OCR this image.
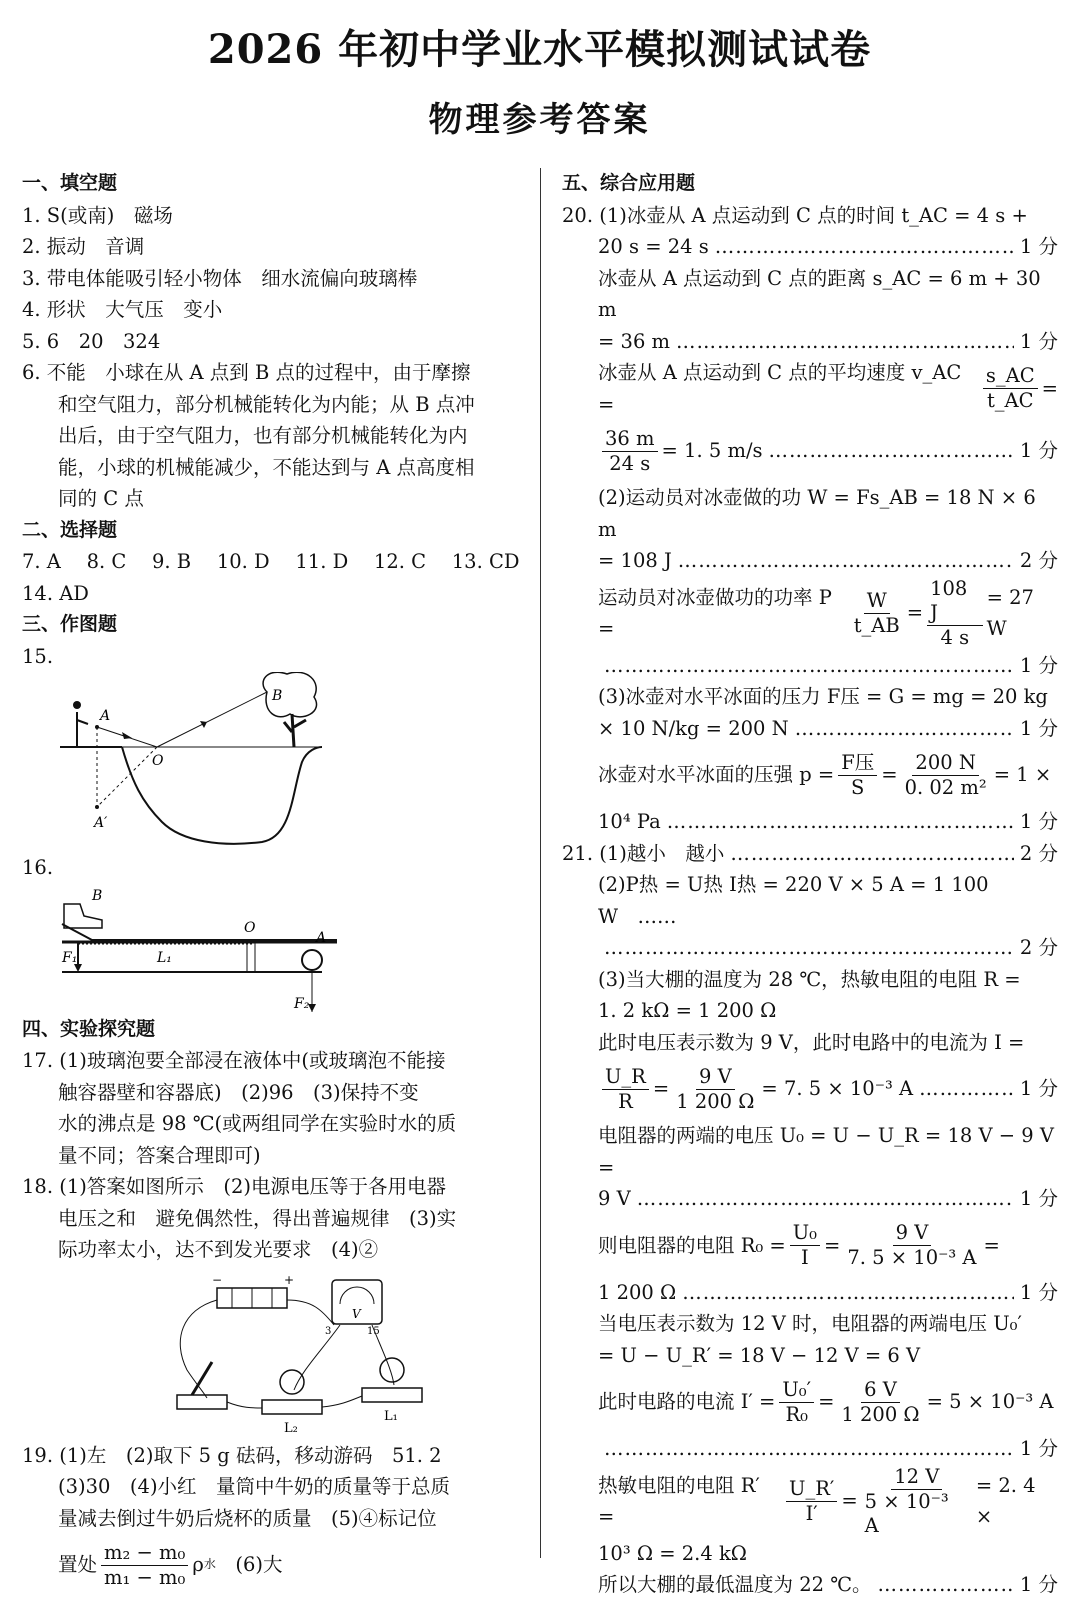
2026 年初中学业水平模拟测试试卷
物理参考答案
一、填空题
1. S(或南)　磁场
2. 振动　音调
3. 带电体能吸引轻小物体　细水流偏向玻璃棒
4. 形状　大气压　变小
5. 6　20　324
6. 不能　小球在从 A 点到 B 点的过程中，由于摩擦
和空气阻力，部分机械能转化为内能；从 B 点冲
出后，由于空气阻力，也有部分机械能转化为内
能，小球的机械能减少，不能达到与 A 点高度相
同的 C 点
二、选择题
7. A　 8. C　 9. B　 10. D　 11. D　 12. C　 13. CD
14. AD
三、作图题
15.
A
B
O
A′
16.
B
O
A
F₁	L₁
F₂
四、实验探究题
17. (1)玻璃泡要全部浸在液体中(或玻璃泡不能接
触容器壁和容器底)　(2)96　(3)保持不变
水的沸点是 98 ℃(或两组同学在实验时水的质
量不同；答案合理即可)
18. (1)答案如图所示　(2)电源电压等于各用电器
电压之和　避免偶然性，得出普遍规律　(3)实
际功率太小，达不到发光要求　(4)②
−	+
V
3	15
L₂
L₁
19. (1)左　(2)取下 5 g 砝码，移动游码　51. 2
(3)30　(4)小红　量筒中牛奶的质量等于总质
量减去倒过牛奶后烧杯的质量　(5)④标记位
置处 $\frac{\text{m₂ − m₀}}{\text{m₁ − m₀}}$ ρ 水 　(6)大
五、综合应用题
20. (1)冰壶从 A 点运动到 C 点的时间 t_AC = 4 s +
20 s = 24 s ………………………………………………………………………………	1 分
冰壶从 A 点运动到 C 点的距离 s_AC = 6 m + 30 m
= 36 m ………………………………………………………………………………	1 分
冰壶从 A 点运动到 C 点的平均速度 v_AC =	$\frac{s\_AC}{t\_AC}$ =
$\frac{36 m}{24 s} = 1$. 5 m/s ………………………………………………………………………………	1 分
(2)运动员对冰壶做的功 W = Fs_AB = 18 N × 6 m
= 108 J ………………………………………………………………………………	2 分
运动员对冰壶做功的功率 P =	$\frac{W}{t\_AB} = \frac{108 J}{4 s} = 27$ W
………………………………………………………………………………
1 分
(3)冰壶对水平冰面的压力 F压 = G = mg = 20 kg
× 10 N/kg = 200 N ………………………………………………………………………………	1 分
冰壶对水平冰面的压强 $p = \frac{\text{F压}}{S} = \frac{200 N}{\text{0. 02 m²}} = 1$ ×
10⁴ Pa ………………………………………………………………………………	1 分
21. (1)越小　越小 ………………………………………………………………………………	2 分
(2)P热 = U热 I热 = 220 V × 5 A = 1 100 W　……
………………………………………………………………………………
2 分
(3)当大棚的温度为 28 ℃，热敏电阻的电阻 R =
1. 2 kΩ = 1 200 Ω
此时电压表示数为 9 V，此时电路中的电流为 I =
$\frac{U\_R}{R} = \frac{9 V}{1 200 \Omega} = 7$. 5 × 10⁻³ A ………………………………………………………………………………	1 分
电阻器的两端的电压 U₀ = U − U_R = 18 V − 9 V =
9 V ………………………………………………………………………………	1 分
则电阻器的电阻 $R_0 = \frac{\text{U₀}}{I} = \frac{9 V}{\text{7. 5 × 10⁻³ A}}$ =
1 200 Ω ………………………………………………………………………………	1 分
当电压表示数为 12 V 时，电阻器的两端电压 U₀′
= U − U_R′ = 18 V − 12 V = 6 V
此时电路的电流 $I' = \frac{\text{U₀′}}{\text{R₀}} = \frac{6 V}{1 200 \Omega} = 5 \times 10^{-3}$ A
………………………………………………………………………………
1 分
热敏电阻的电阻 R′ =	$\frac{U\_R'}{I'} = \frac{12 V}{\text{5 × 10⁻³ A}} = 2$. 4 ×
10³ Ω = 2.4 kΩ
所以大棚的最低温度为 22 ℃。 ………………………………………………………………………………	1 分
